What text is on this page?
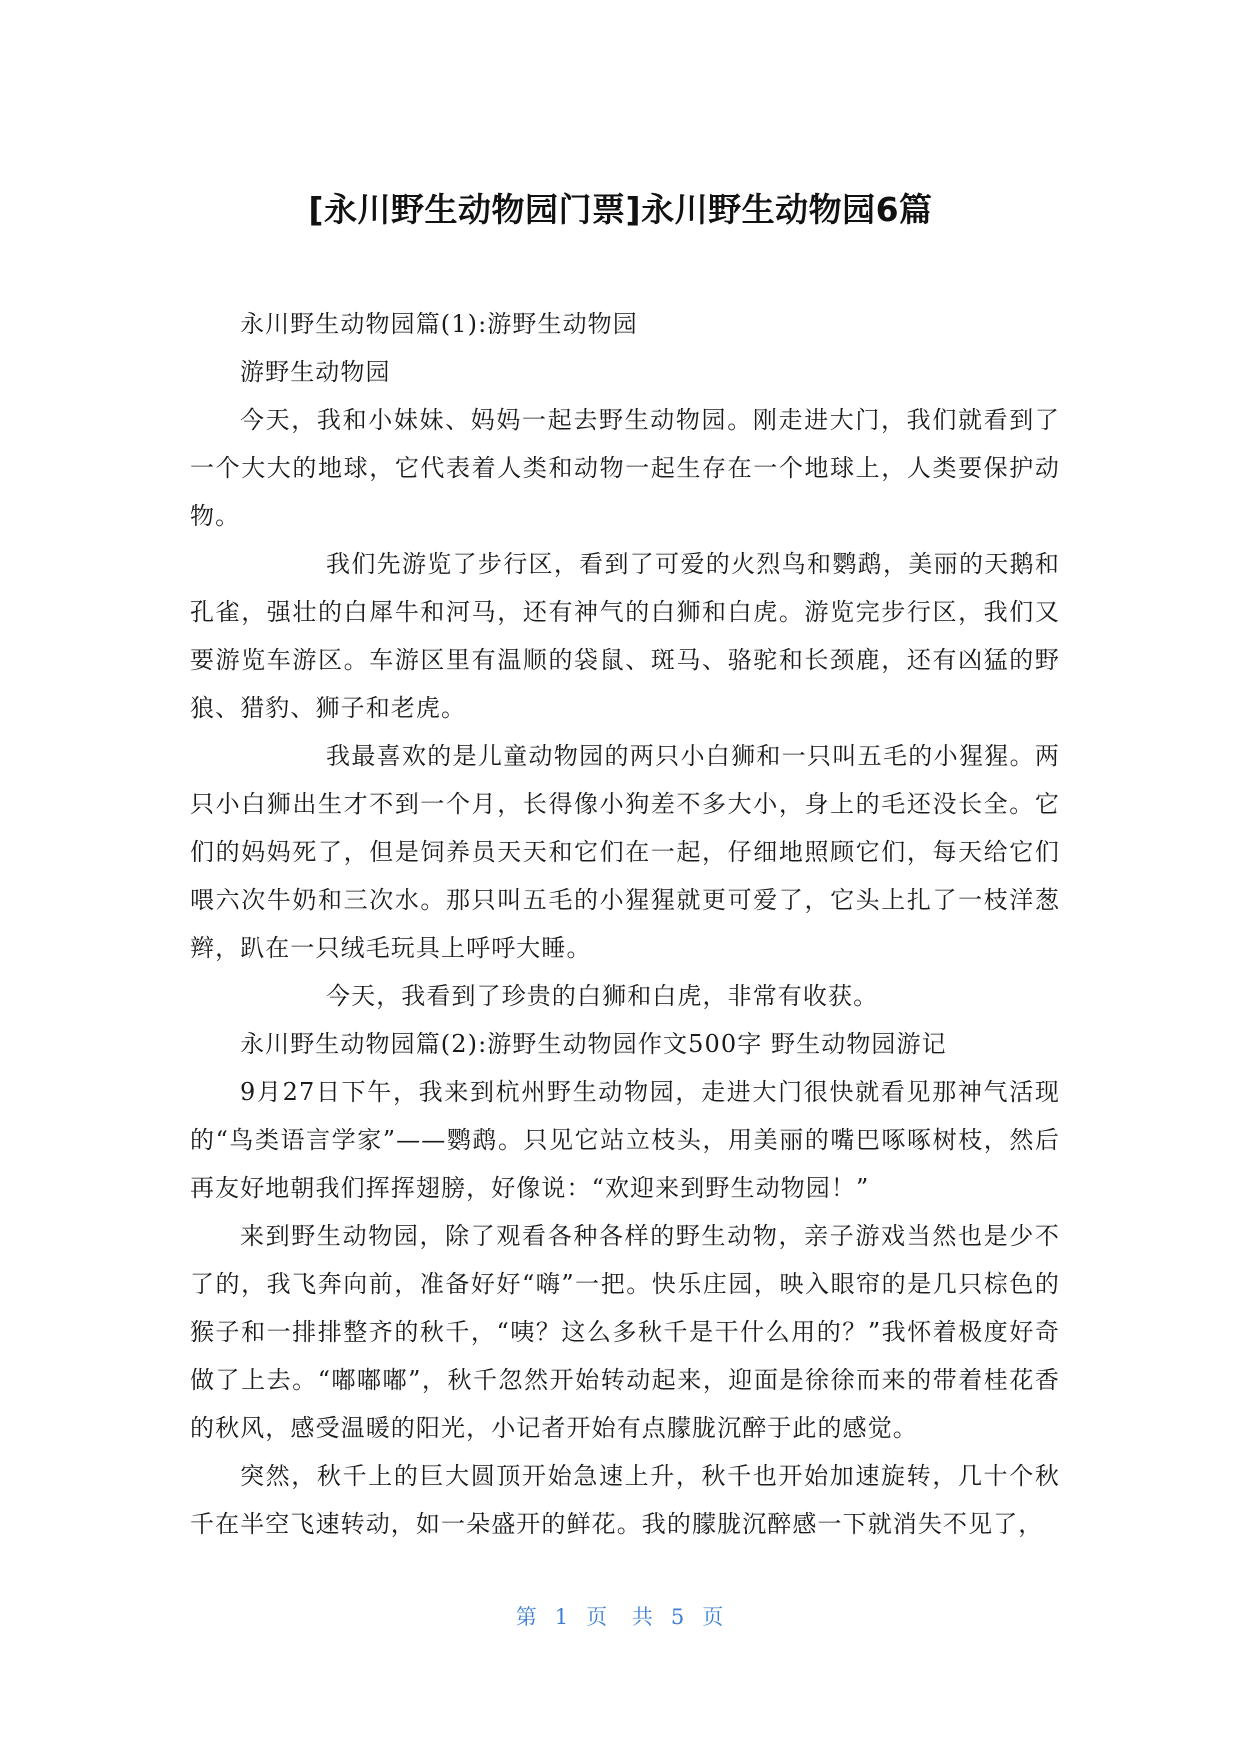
[永川野生动物园门票]永川野生动物园6篇

永川野生动物园篇(1):游野生动物园

游野生动物园

今天，我和小妹妹、妈妈一起去野生动物园。刚走进大门，我们就看到了一个大大的地球，它代表着人类和动物一起生存在一个地球上，人类要保护动物。

我们先游览了步行区，看到了可爱的火烈鸟和鹦鹉，美丽的天鹅和孔雀，强壮的白犀牛和河马，还有神气的白狮和白虎。游览完步行区，我们又要游览车游区。车游区里有温顺的袋鼠、斑马、骆驼和长颈鹿，还有凶猛的野狼、猎豹、狮子和老虎。

我最喜欢的是儿童动物园的两只小白狮和一只叫五毛的小猩猩。两只小白狮出生才不到一个月，长得像小狗差不多大小，身上的毛还没长全。它们的妈妈死了，但是饲养员天天和它们在一起，仔细地照顾它们，每天给它们喂六次牛奶和三次水。那只叫五毛的小猩猩就更可爱了，它头上扎了一枝洋葱辫，趴在一只绒毛玩具上呼呼大睡。

今天，我看到了珍贵的白狮和白虎，非常有收获。

永川野生动物园篇(2):游野生动物园作文500字 野生动物园游记

9月27日下午，我来到杭州野生动物园，走进大门很快就看见那神气活现的“鸟类语言学家”——鹦鹉。只见它站立枝头，用美丽的嘴巴啄啄树枝，然后再友好地朝我们挥挥翅膀，好像说：“欢迎来到野生动物园！”

来到野生动物园，除了观看各种各样的野生动物，亲子游戏当然也是少不了的，我飞奔向前，准备好好“嗨”一把。快乐庄园，映入眼帘的是几只棕色的猴子和一排排整齐的秋千，“咦？这么多秋千是干什么用的？”我怀着极度好奇做了上去。“嘟嘟嘟”，秋千忽然开始转动起来，迎面是徐徐而来的带着桂花香的秋风，感受温暖的阳光，小记者开始有点朦胧沉醉于此的感觉。

突然，秋千上的巨大圆顶开始急速上升，秋千也开始加速旋转，几十个秋千在半空飞速转动，如一朵盛开的鲜花。我的朦胧沉醉感一下就消失不见了，

第 1 页 共 5 页
